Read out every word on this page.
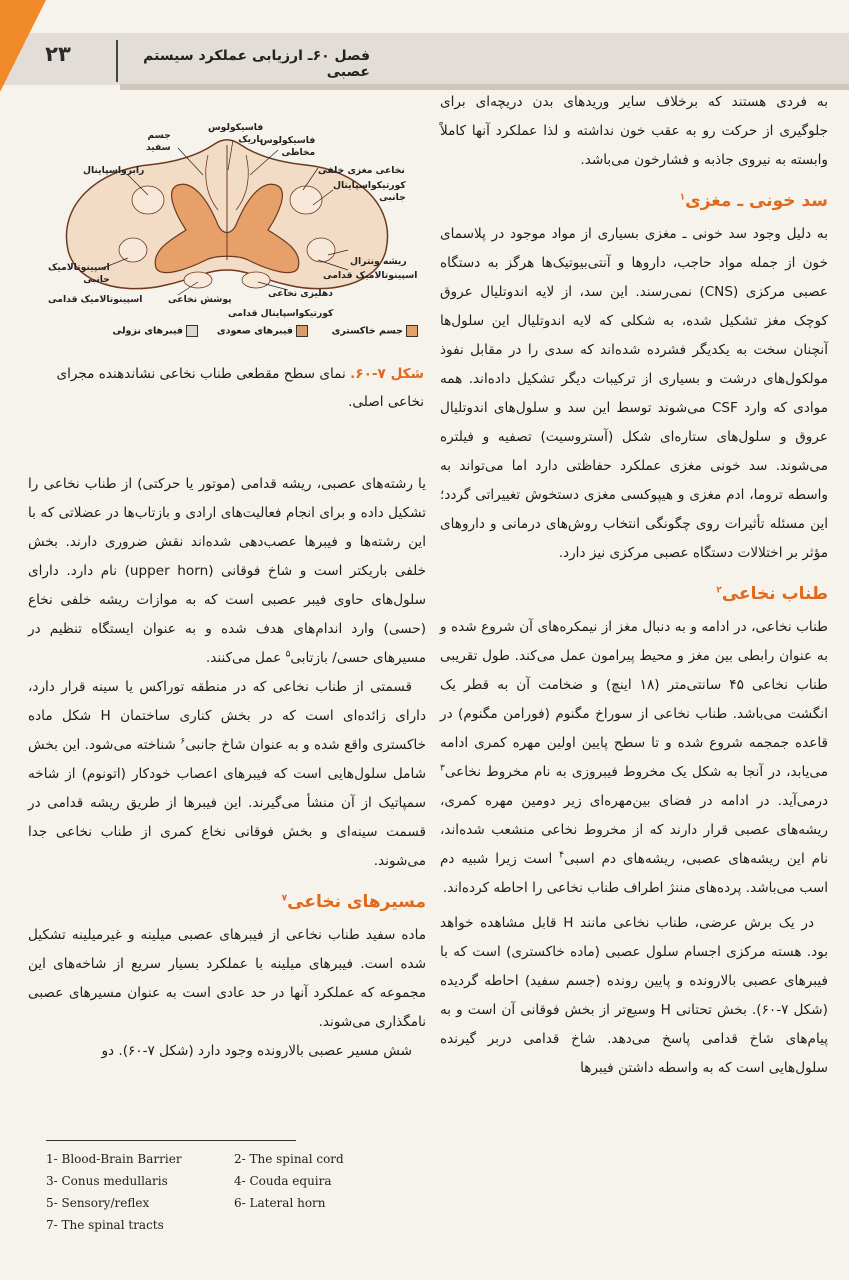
۲۳	فصل ۶۰ـ ارزیابی عملکرد سیستم عصبی
فاسیکولوس
مخاطی
فاسیکولوس
باریک
جسم
سفید
رابرواسپاینال	نخاعی مغزی خلفی
کورتیکواسپاینال
جانبی
ریشه ونترال
اسپینوتالامیک قدامی
اسپینوتالامیک
جانبی
اسپینوتالامیک قدامی	پوشش نخاعی
کورتیکواسپاینال قدامی
دهلیزی نخاعی
جسم خاکستری
فیبرهای صعودی
فیبرهای نزولی
شکل ۷-۶۰. نمای سطح مقطعی طناب نخاعی نشاندهنده مجرای نخاعی اصلی.

به فردی هستند که برخلاف سایر وریدهای بدن دریچه‌ای برای جلوگیری از حرکت رو به عقب خون نداشته و لذا عملکرد آنها کاملاً وابسته به نیروی جاذبه و فشارخون می‌باشد.

سد خونی ـ مغزی$^۱$

به دلیل وجود سد خونی ـ مغزی بسیاری از مواد موجود در پلاسمای خون از جمله مواد حاجب، داروها و آنتی‌بیوتیک‌ها هرگز به دستگاه عصبی مرکزی (CNS) نمی‌رسند. این سد، از لایه اندوتلیال عروق کوچک مغز تشکیل شده، به شکلی که لایه اندوتلیال این سلول‌ها آنچنان سخت به یکدیگر فشرده شده‌اند که سدی را در مقابل نفوذ مولکول‌های درشت و بسیاری از ترکیبات دیگر تشکیل داده‌اند. همه موادی که وارد CSF می‌شوند توسط این سد و سلول‌های اندوتلیال عروق و سلول‌های ستاره‌ای شکل (آستروسیت) تصفیه و فیلتره می‌شوند. سد خونی مغزی عملکرد حفاظتی دارد اما می‌تواند به واسطه تروما، ادم مغزی و هیپوکسی مغزی دستخوش تغییراتی گردد؛ این مسئله تأثیرات روی چگونگی انتخاب روش‌های درمانی و داروهای مؤثر بر اختلالات دستگاه عصبی مرکزی نیز دارد.

طناب نخاعی$^۲$

طناب نخاعی، در ادامه و به دنبال مغز از نیمکره‌های آن شروع شده و به عنوان رابطی بین مغز و محیط پیرامون عمل می‌کند. طول تقریبی طناب نخاعی ۴۵ سانتی‌متر (۱۸ اینچ) و ضخامت آن به قطر یک انگشت می‌باشد. طناب نخاعی از سوراخ مگنوم (فورامن مگنوم) در قاعده جمجمه شروع شده و تا سطح پایین اولین مهره کمری ادامه می‌یابد، در آنجا به شکل یک مخروط فیبروزی به نام مخروط نخاعی$^۳$ درمی‌آید. در ادامه در فضای بین‌مهره‌ای زیر دومین مهره کمری، ریشه‌های عصبی قرار دارند که از مخروط نخاعی منشعب شده‌اند، نام این ریشه‌های عصبی، ریشه‌های دم اسبی$^۴$ است زیرا شبیه دم اسب می‌باشد. پرده‌های مننژ اطراف طناب نخاعی را احاطه کرده‌اند.

در یک برش عرضی، طناب نخاعی مانند H قابل مشاهده خواهد بود. هسته مرکزی اجسام سلول عصبی (ماده خاکستری) است که با فیبرهای عصبی بالارونده و پایین رونده (جسم سفید) احاطه گردیده (شکل ۷-۶۰). بخش تحتانی H وسیع‌تر از بخش فوقانی آن است و به پیام‌های شاخ قدامی پاسخ می‌دهد. شاخ قدامی دربر گیرنده سلول‌هایی است که به واسطه داشتن فیبرها

یا رشته‌های عصبی، ریشه قدامی (موتور یا حرکتی) از طناب نخاعی را تشکیل داده و برای انجام فعالیت‌های ارادی و بازتاب‌ها در عضلاتی که با این رشته‌ها و فیبرها عصب‌دهی شده‌اند نقش ضروری دارند. بخش خلفی باریکتر است و شاخ فوقانی (upper horn) نام دارد. دارای سلول‌های حاوی فیبر عصبی است که به موازات ریشه خلفی نخاع (حسی) وارد اندام‌های هدف شده و به عنوان ایستگاه تنظیم در مسیرهای حسی/ بازتابی$^۵$ عمل می‌کنند.

قسمتی از طناب نخاعی که در منطقه توراکس یا سینه قرار دارد، دارای زائده‌ای است که در بخش کناری ساختمان H شکل ماده خاکستری واقع شده و به عنوان شاخ جانبی$^۶$ شناخته می‌شود. این بخش شامل سلول‌هایی است که فیبرهای اعصاب خودکار (اتونوم) از شاخه سمپاتیک از آن منشأ می‌گیرند. این فیبرها از طریق ریشه قدامی در قسمت سینه‌ای و بخش فوقانی نخاع کمری از طناب نخاعی جدا می‌شوند.

مسیرهای نخاعی$^۷$

ماده سفید طناب نخاعی از فیبرهای عصبی میلینه و غیرمیلینه تشکیل شده است. فیبرهای میلینه با عملکرد بسیار سریع از شاخه‌های این مجموعه که عملکرد آنها در حد عادی است به عنوان مسیرهای عصبی نامگذاری می‌شوند.

شش مسیر عصبی بالارونده وجود دارد (شکل ۷-۶۰). دو

1- Blood-Brain Barrier	2- The spinal cord
3- Conus medullaris	4- Couda equira
5- Sensory/reflex	6- Lateral horn
7- The spinal tracts
